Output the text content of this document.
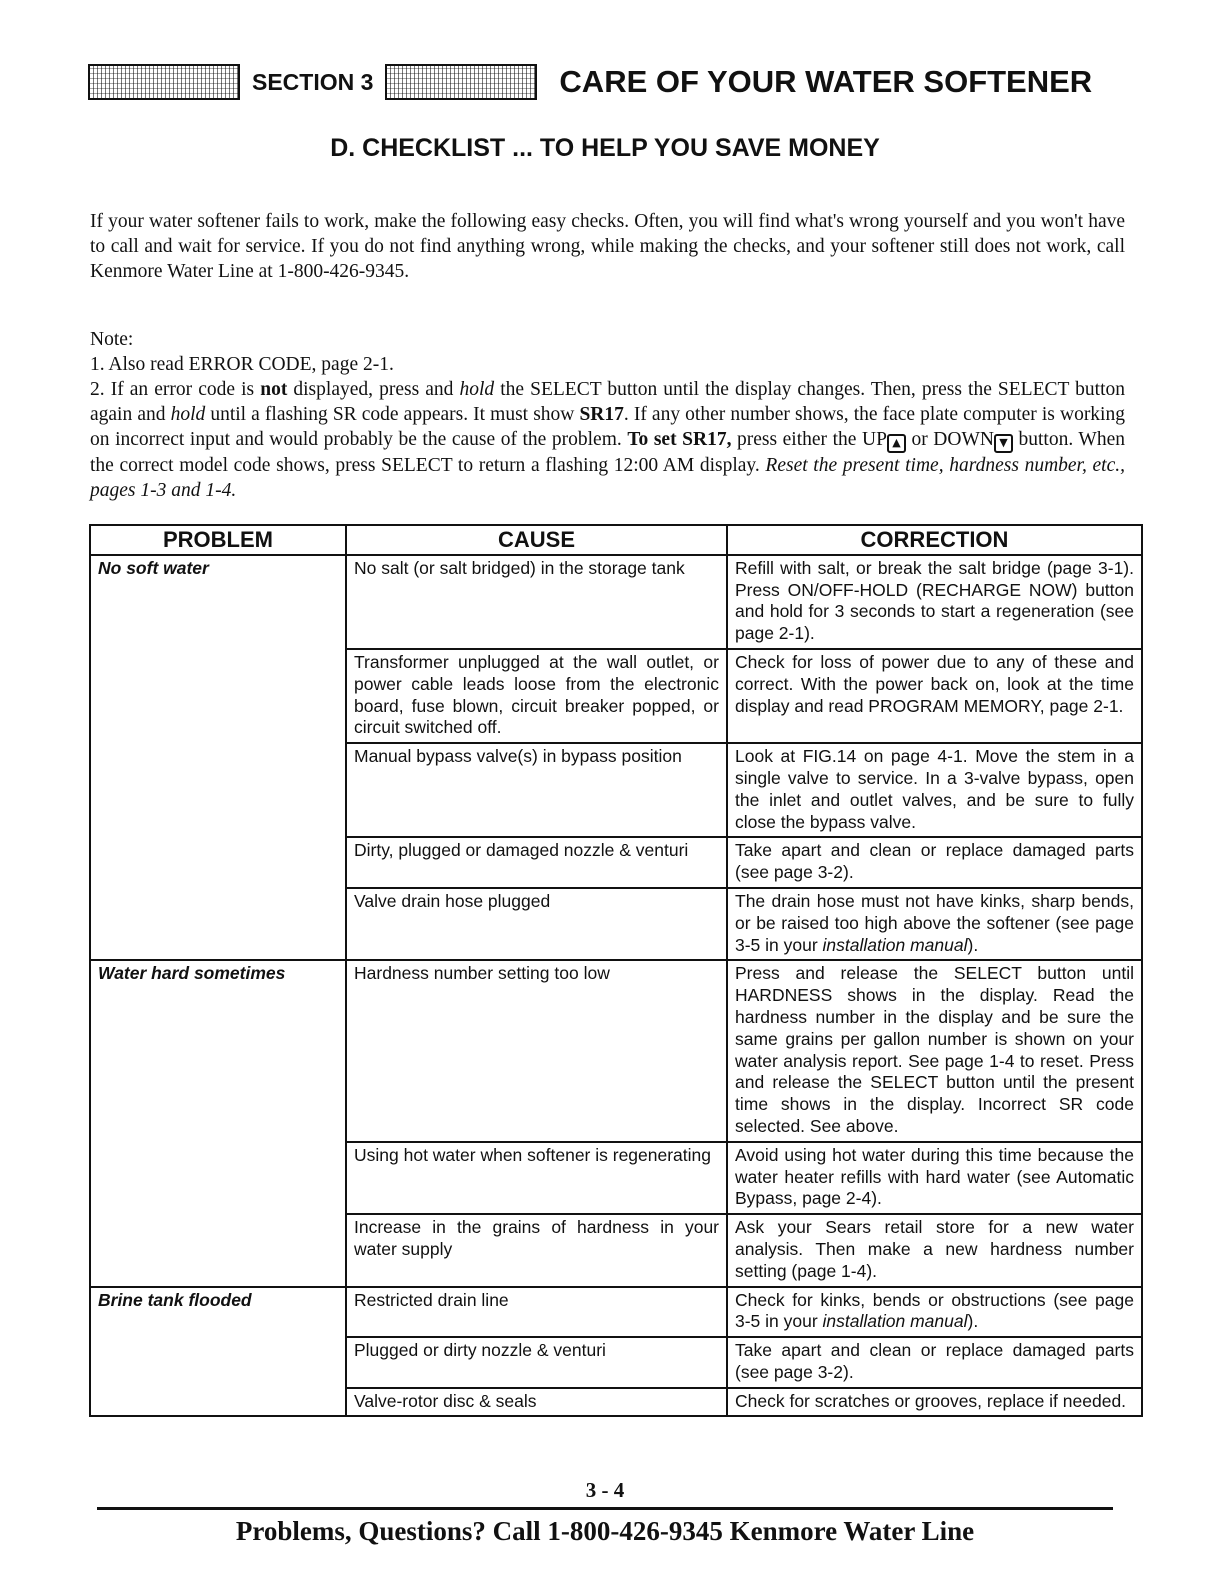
SECTION 3	CARE OF YOUR WATER SOFTENER
D. CHECKLIST ... TO HELP YOU SAVE MONEY
If your water softener fails to work, make the following easy checks. Often, you will find what's wrong yourself and you won't have to call and wait for service. If you do not find anything wrong, while making the checks, and your softener still does not work, call Kenmore Water Line at 1-800-426-9345.
Note:
1. Also read ERROR CODE, page 2-1.
2. If an error code is not displayed, press and hold the SELECT button until the display changes. Then, press the SELECT button again and hold until a flashing SR code appears. It must show SR17. If any other number shows, the face plate computer is working on incorrect input and would probably be the cause of the problem. To set SR17, press either the UP ▲ or DOWN ▼ button. When the correct model code shows, press SELECT to return a flashing 12:00 AM display. Reset the present time, hardness number, etc., pages 1-3 and 1-4.
PROBLEM	CAUSE	CORRECTION
No soft water	No salt (or salt bridged) in the storage tank	Refill with salt, or break the salt bridge (page 3-1). Press ON/OFF-HOLD (RECHARGE NOW) button and hold for 3 seconds to start a regeneration (see page 2-1).
	Transformer unplugged at the wall outlet, or power cable leads loose from the electronic board, fuse blown, circuit breaker popped, or circuit switched off.	Check for loss of power due to any of these and correct. With the power back on, look at the time display and read PROGRAM MEMORY, page 2-1.
	Manual bypass valve(s) in bypass position	Look at FIG.14 on page 4-1. Move the stem in a single valve to service. In a 3-valve bypass, open the inlet and outlet valves, and be sure to fully close the bypass valve.
	Dirty, plugged or damaged nozzle & venturi	Take apart and clean or replace damaged parts (see page 3-2).
	Valve drain hose plugged	The drain hose must not have kinks, sharp bends, or be raised too high above the softener (see page 3-5 in your installation manual).
Water hard sometimes	Hardness number setting too low	Press and release the SELECT button until HARDNESS shows in the display. Read the hardness number in the display and be sure the same grains per gallon number is shown on your water analysis report. See page 1-4 to reset. Press and release the SELECT button until the present time shows in the display. Incorrect SR code selected. See above.
	Using hot water when softener is regenerating	Avoid using hot water during this time because the water heater refills with hard water (see Automatic Bypass, page 2-4).
	Increase in the grains of hardness in your water supply	Ask your Sears retail store for a new water analysis. Then make a new hardness number setting (page 1-4).
Brine tank flooded	Restricted drain line	Check for kinks, bends or obstructions (see page 3-5 in your installation manual).
	Plugged or dirty nozzle & venturi	Take apart and clean or replace damaged parts (see page 3-2).
	Valve-rotor disc & seals	Check for scratches or grooves, replace if needed.
3 - 4
Problems, Questions? Call 1-800-426-9345 Kenmore Water Line
